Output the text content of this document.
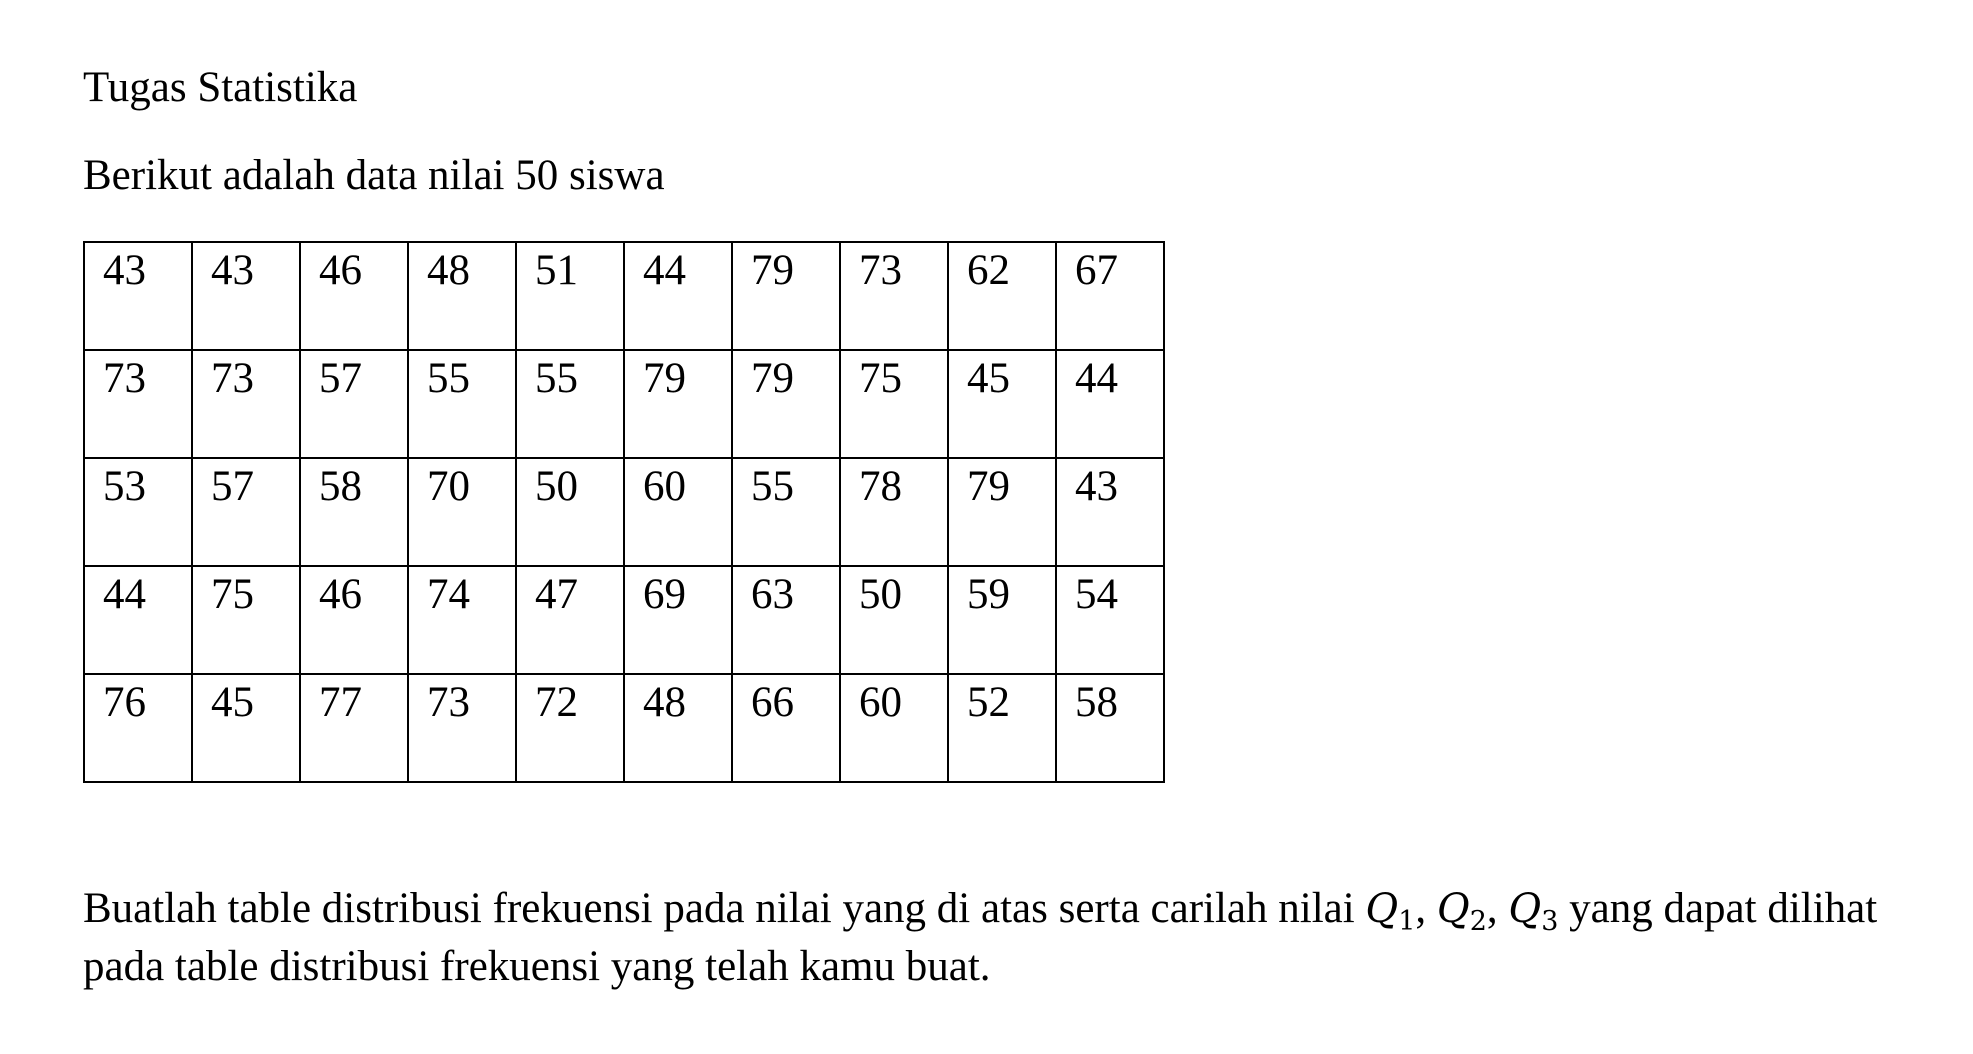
Tugas Statistika
Berikut adalah data nilai 50 siswa
43	43	46	48	51	44	79	73	62	67
73	73	57	55	55	79	79	75	45	44
53	57	58	70	50	60	55	78	79	43
44	75	46	74	47	69	63	50	59	54
76	45	77	73	72	48	66	60	52	58
Buatlah table distribusi frekuensi pada nilai yang di atas serta carilah nilai $Q_1$, $Q_2$, $Q_3$ yang dapat dilihat pada table distribusi frekuensi yang telah kamu buat.
